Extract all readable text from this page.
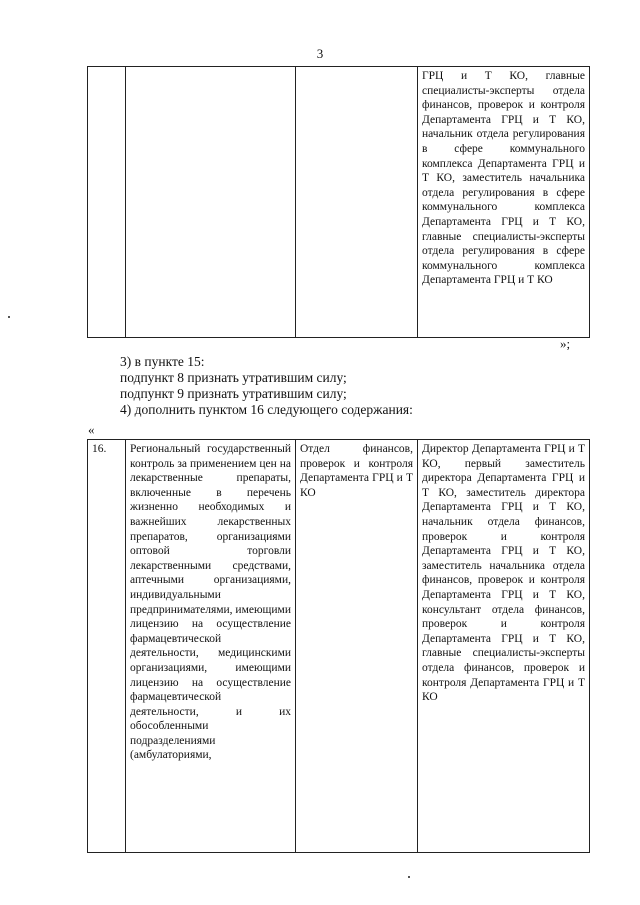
3
			ГРЦ и Т КО, главные специалисты-эксперты отдела финансов, проверок и контроля Департамента ГРЦ и Т КО, начальник отдела регулирования в сфере коммунального комплекса Департамента ГРЦ и Т КО, заместитель начальника отдела регулирования в сфере коммунального комплекса Департамента ГРЦ и Т КО, главные специалисты-эксперты отдела регулирования в сфере коммунального комплекса Департамента ГРЦ и Т КО
»;
3) в пункте 15:
подпункт 8 признать утратившим силу;
подпункт 9 признать утратившим силу;
4) дополнить пунктом 16 следующего содержания:
«
16.	Региональный государственный контроль за применением цен на лекарственные препараты, включенные в перечень жизненно необходимых и важнейших лекарственных препаратов, организациями оптовой торговли лекарственными средствами, аптечными организациями, индивидуальными предпринимателями, имеющими лицензию на осуществление фармацевтической деятельности, медицинскими организациями, имеющими лицензию на осуществление фармацевтической деятельности, и их обособленными подразделениями (амбулаториями,	Отдел финансов, проверок и контроля Департамента ГРЦ и Т КО	Директор Департамента ГРЦ и Т КО, первый заместитель директора Департамента ГРЦ и Т КО, заместитель директора Департамента ГРЦ и Т КО, начальник отдела финансов, проверок и контроля Департамента ГРЦ и Т КО, заместитель начальника отдела финансов, проверок и контроля Департамента ГРЦ и Т КО, консультант отдела финансов, проверок и контроля Департамента ГРЦ и Т КО, главные специалисты-эксперты отдела финансов, проверок и контроля Департамента ГРЦ и Т КО
